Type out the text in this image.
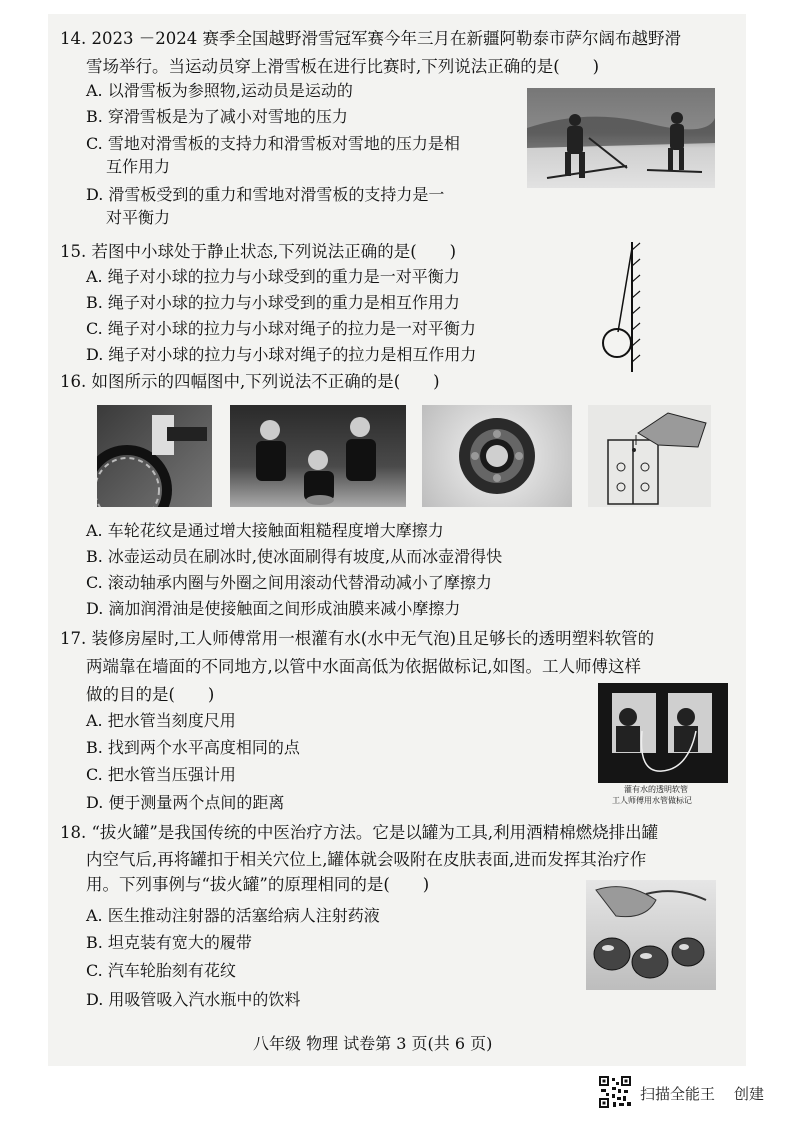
14. 2023 －2024 赛季全国越野滑雪冠军赛今年三月在新疆阿勒泰市萨尔阔布越野滑
雪场举行。当运动员穿上滑雪板在进行比赛时,下列说法正确的是(　　)
A. 以滑雪板为参照物,运动员是运动的
B. 穿滑雪板是为了减小对雪地的压力
C. 雪地对滑雪板的支持力和滑雪板对雪地的压力是相
互作用力
D. 滑雪板受到的重力和雪地对滑雪板的支持力是一
对平衡力
15. 若图中小球处于静止状态,下列说法正确的是(　　)
A. 绳子对小球的拉力与小球受到的重力是一对平衡力
B. 绳子对小球的拉力与小球受到的重力是相互作用力
C. 绳子对小球的拉力与小球对绳子的拉力是一对平衡力
D. 绳子对小球的拉力与小球对绳子的拉力是相互作用力
16. 如图所示的四幅图中,下列说法不正确的是(　　)
A. 车轮花纹是通过增大接触面粗糙程度增大摩擦力
B. 冰壶运动员在刷冰时,使冰面刷得有坡度,从而冰壶滑得快
C. 滚动轴承内圈与外圈之间用滚动代替滑动减小了摩擦力
D. 滴加润滑油是使接触面之间形成油膜来减小摩擦力
17. 装修房屋时,工人师傅常用一根灌有水(水中无气泡)且足够长的透明塑料软管的
两端靠在墙面的不同地方,以管中水面高低为依据做标记,如图。工人师傅这样
做的目的是(　　)
A. 把水管当刻度尺用
B. 找到两个水平高度相同的点
C. 把水管当压强计用
D. 便于测量两个点间的距离
灌有水的透明软管
工人师傅用水管做标记
18. “拔火罐”是我国传统的中医治疗方法。它是以罐为工具,利用酒精棉燃烧排出罐
内空气后,再将罐扣于相关穴位上,罐体就会吸附在皮肤表面,进而发挥其治疗作
用。下列事例与“拔火罐”的原理相同的是(　　)
A. 医生推动注射器的活塞给病人注射药液
B. 坦克装有宽大的履带
C. 汽车轮胎刻有花纹
D. 用吸管吸入汽水瓶中的饮料
八年级 物理 试卷第 3 页(共 6 页)
扫描全能王 创建
